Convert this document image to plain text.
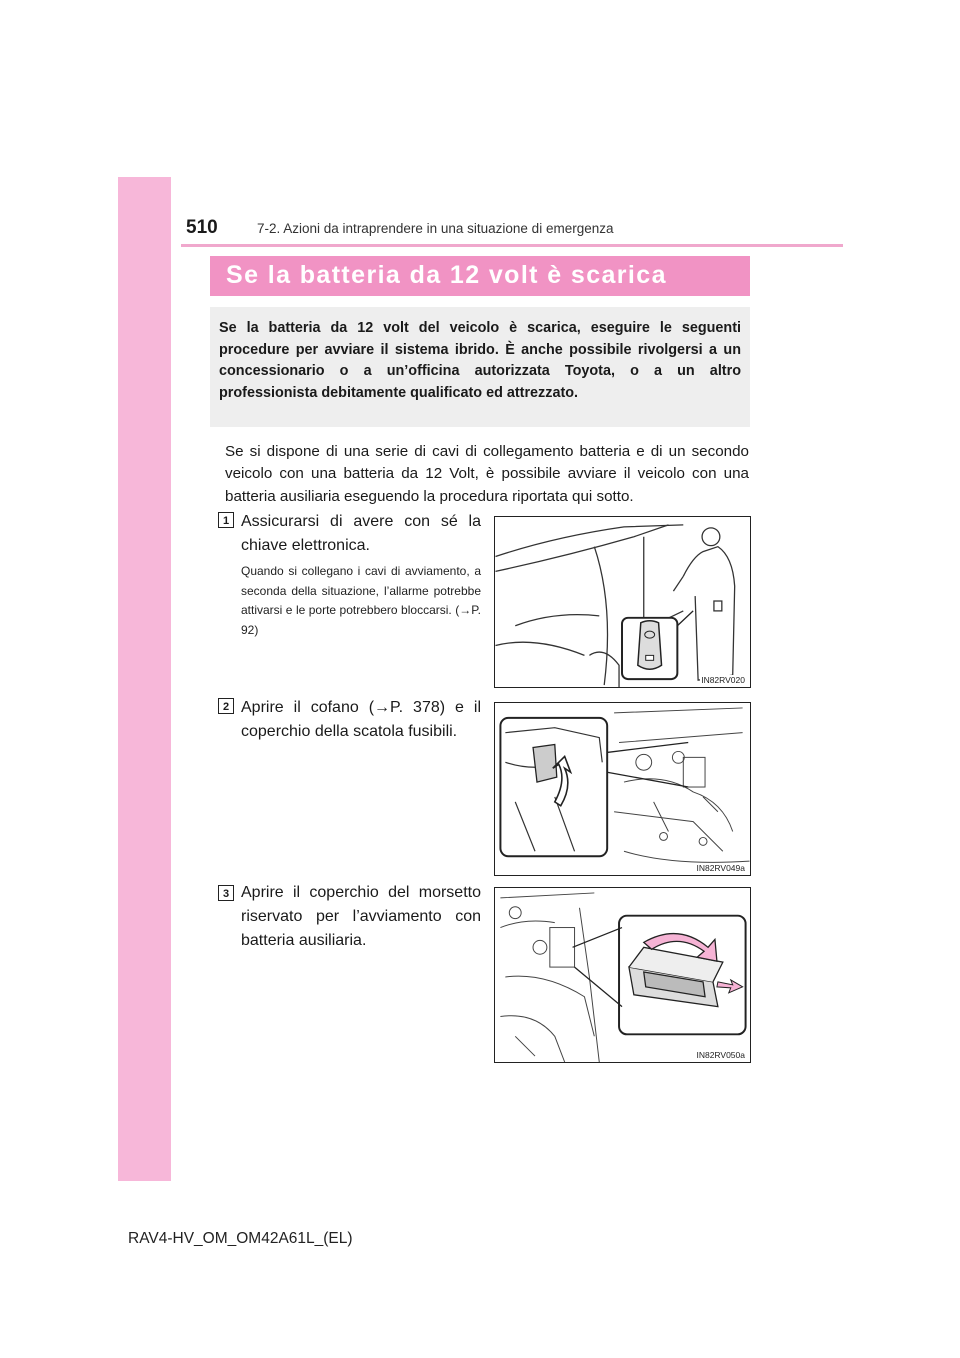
510	7-2. Azioni da intraprendere in una situazione di emergenza
Se la batteria da 12 volt è scarica

Se la batteria da 12 volt del veicolo è scarica, eseguire le seguenti procedure per avviare il sistema ibrido. È anche possibile rivolgersi a un concessionario o a un’officina autorizzata Toyota, o a un altro professionista debitamente qualificato ed attrezzato.

Se si dispone di una serie di cavi di collegamento batteria e di un secondo veicolo con una batteria da 12 Volt, è possibile avviare il veicolo con una batteria ausiliaria eseguendo la procedura riportata qui sotto.

1 Assicurarsi di avere con sé la chiave elettronica.

Quando si collegano i cavi di avviamento, a seconda della situazione, l’allarme potrebbe attivarsi e le porte potrebbero bloccarsi. (→P. 92)

IN82RV020
2 Aprire il cofano (→P. 378) e il coperchio della scatola fusibili.

IN82RV049a
3 Aprire il coperchio del morsetto riservato per l’avviamento con batteria ausiliaria.

IN82RV050a
RAV4-HV_OM_OM42A61L_(EL)
